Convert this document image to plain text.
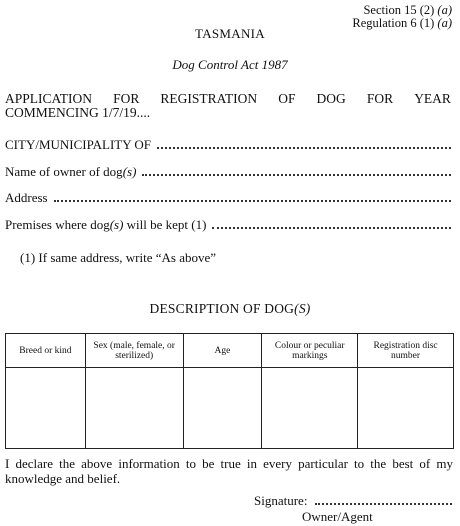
Section 15 (2) (a)
Regulation 6 (1) (a)
TASMANIA
Dog Control Act 1987
APPLICATION FOR REGISTRATION OF DOG FOR YEAR
COMMENCING 1/7/19....
CITY/MUNICIPALITY OF
Name of owner of dog(s)
Address
Premises where dog(s) will be kept (1)
(1) If same address, write “As above”
DESCRIPTION OF DOG(S)
Breed or kind	Sex (male, female, or sterilized)	Age	Colour or peculiar markings	Registration disc number

I declare the above information to be true in every particular to the best of my knowledge and belief.
Signature:
Owner/Agent
